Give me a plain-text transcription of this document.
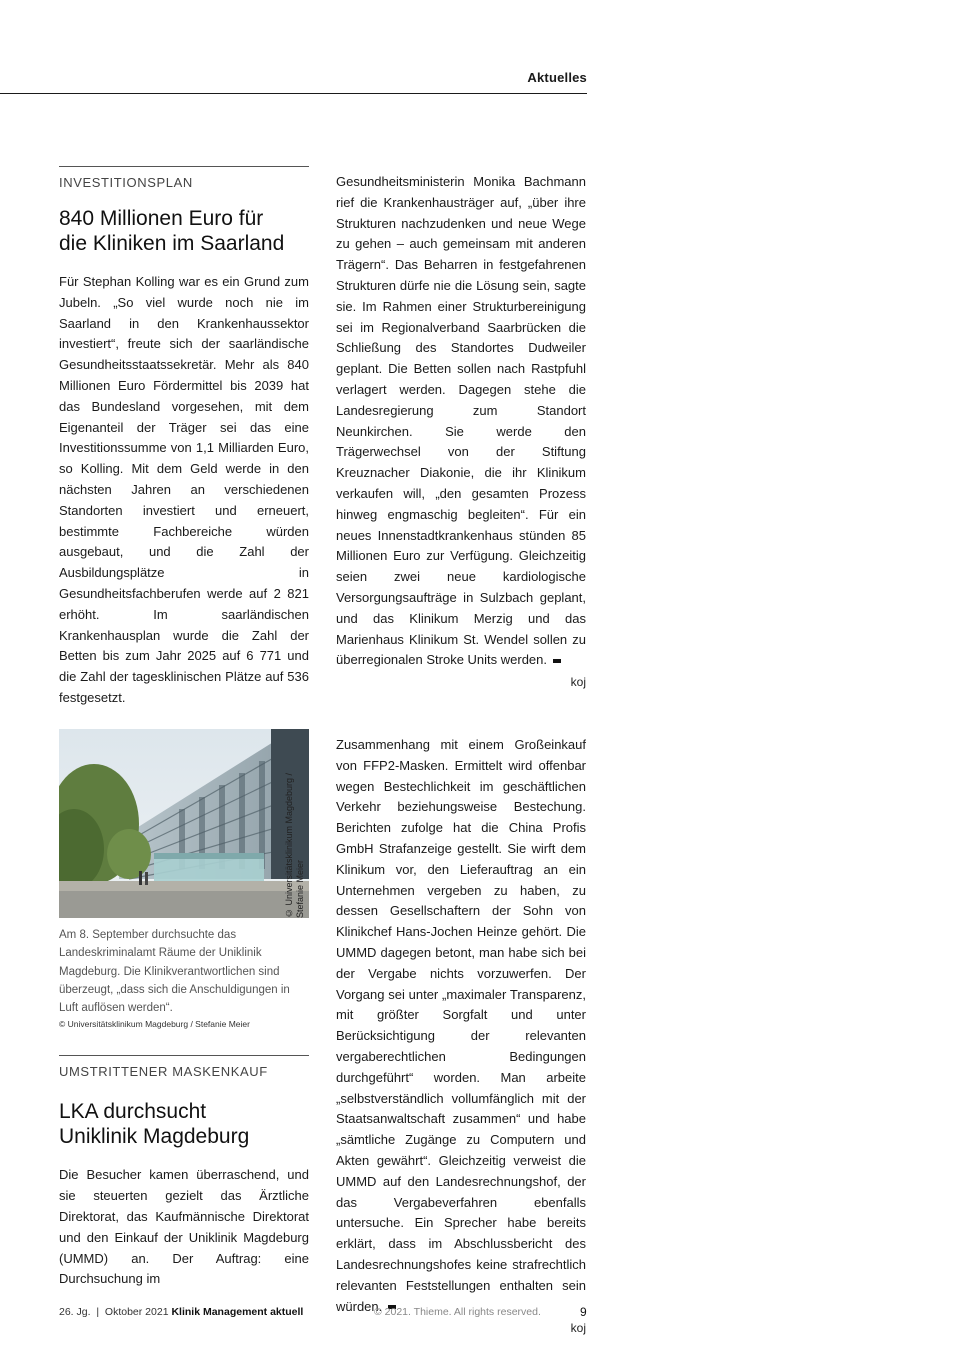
Aktuelles
INVESTITIONSPLAN
840 Millionen Euro für
die Kliniken im Saarland

Für Stephan Kolling war es ein Grund zum Jubeln. „So viel wurde noch nie im Saarland in den Krankenhaussektor investiert“, freute sich der saarländische Gesundheitsstaatssekretär. Mehr als 840 Millionen Euro Fördermittel bis 2039 hat das Bundesland vorgesehen, mit dem Eigenanteil der Träger sei das eine Investitionssumme von 1,1 Milliarden Euro, so Kolling. Mit dem Geld werde in den nächsten Jahren an verschiedenen Standorten investiert und erneuert, bestimmte Fachbereiche würden ausgebaut, und die Zahl der Ausbildungsplätze in Gesundheitsfachberufen werde auf 2 821 erhöht. Im saarländischen Krankenhausplan wurde die Zahl der Betten bis zum Jahr 2025 auf 6 771 und die Zahl der tagesklinischen Plätze auf 536 festgesetzt.

Gesundheitsministerin Monika Bachmann rief die Krankenhausträger auf, „über ihre Strukturen nachzudenken und neue Wege zu gehen – auch gemeinsam mit anderen Trägern“. Das Beharren in festgefahrenen Strukturen dürfe nie die Lösung sein, sagte sie. Im Rahmen einer Strukturbereinigung sei im Regionalverband Saarbrücken die Schließung des Standortes Dudweiler geplant. Die Betten sollen nach Rastpfuhl verlagert werden. Dagegen stehe die Landesregierung zum Standort Neunkirchen. Sie werde den Trägerwechsel von der Stiftung Kreuznacher Diakonie, die ihr Klinikum verkaufen will, „den gesamten Prozess hinweg engmaschig begleiten“. Für ein neues Innenstadtkrankenhaus stünden 85 Millionen Euro zur Verfügung. Gleichzeitig seien zwei neue kardiologische Versorgungsaufträge in Sulzbach geplant, und das Klinikum Merzig und das Marienhaus Klinikum St. Wendel sollen zu überregionalen Stroke Units werden.

koj
© Universitätsklinikum Magdeburg / Stefanie Meier
Am 8. September durchsuchte das Landeskriminalamt Räume der Uniklinik Magdeburg. Die Klinikverantwortlichen sind überzeugt, „dass sich die Anschuldigungen in Luft auflösen werden“.
© Universitätsklinikum Magdeburg / Stefanie Meier
UMSTRITTENER MASKENKAUF
LKA durchsucht
Uniklinik Magdeburg

Die Besucher kamen überraschend, und sie steuerten gezielt das Ärztliche Direktorat, das Kaufmännische Direktorat und den Einkauf der Uniklinik Magdeburg (UMMD) an. Der Auftrag: eine Durchsuchung im

Zusammenhang mit einem Großeinkauf von FFP2-Masken. Ermittelt wird offenbar wegen Bestechlichkeit im geschäftlichen Verkehr beziehungsweise Bestechung. Berichten zufolge hat die China Profis GmbH Strafanzeige gestellt. Sie wirft dem Klinikum vor, den Lieferauftrag an ein Unternehmen vergeben zu haben, zu dessen Gesellschaftern der Sohn von Klinikchef Hans-Jochen Heinze gehört. Die UMMD dagegen betont, man habe sich bei der Vergabe nichts vorzuwerfen. Der Vorgang sei unter „maximaler Transparenz, mit größter Sorgfalt und unter Berücksichtigung der relevanten vergaberechtlichen Bedingungen durchgeführt“ worden. Man arbeite „selbstverständlich vollumfänglich mit der Staatsanwaltschaft zusammen“ und habe „sämtliche Zugänge zu Computern und Akten gewährt“. Gleichzeitig verweist die UMMD auf den Landesrechnungshof, der das Vergabeverfahren ebenfalls untersuche. Ein Sprecher habe bereits erklärt, dass im Abschlussbericht des Landesrechnungshofes keine strafrechtlich relevanten Feststellungen enthalten sein würden.

koj
26. Jg.  |  Oktober 2021 Klinik Management aktuell	© 2021. Thieme. All rights reserved.	9
